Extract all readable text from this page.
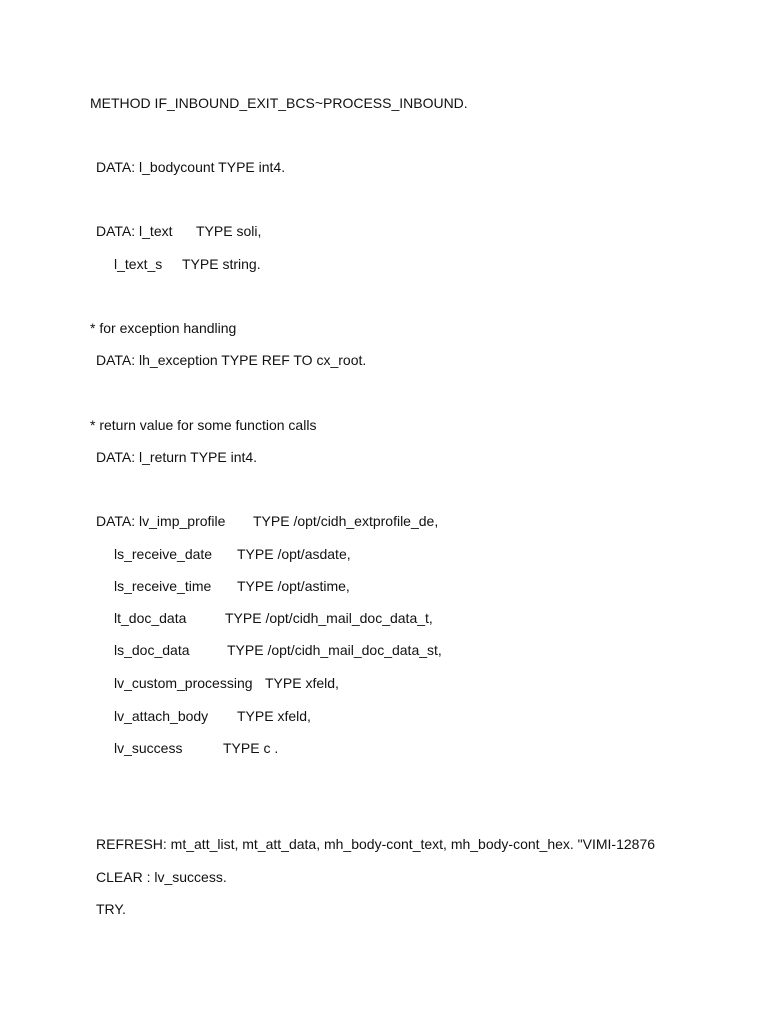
METHOD IF_INBOUND_EXIT_BCS~PROCESS_INBOUND.
DATA: l_bodycount TYPE int4.
DATA: l_text TYPE soli,
l_text_s TYPE string.
* for exception handling
DATA: lh_exception TYPE REF TO cx_root.
* return value for some function calls
DATA: l_return TYPE int4.
DATA: lv_imp_profile TYPE /opt/cidh_extprofile_de,
ls_receive_date TYPE /opt/asdate,
ls_receive_time TYPE /opt/astime,
lt_doc_data	TYPE /opt/cidh_mail_doc_data_t,
ls_doc_data	TYPE /opt/cidh_mail_doc_data_st,
lv_custom_processing TYPE xfeld,
lv_attach_body TYPE xfeld,
lv_success	TYPE c .
REFRESH: mt_att_list, mt_att_data, mh_body-cont_text, mh_body-cont_hex. "VIMI-12876
CLEAR : lv_success.
TRY.
